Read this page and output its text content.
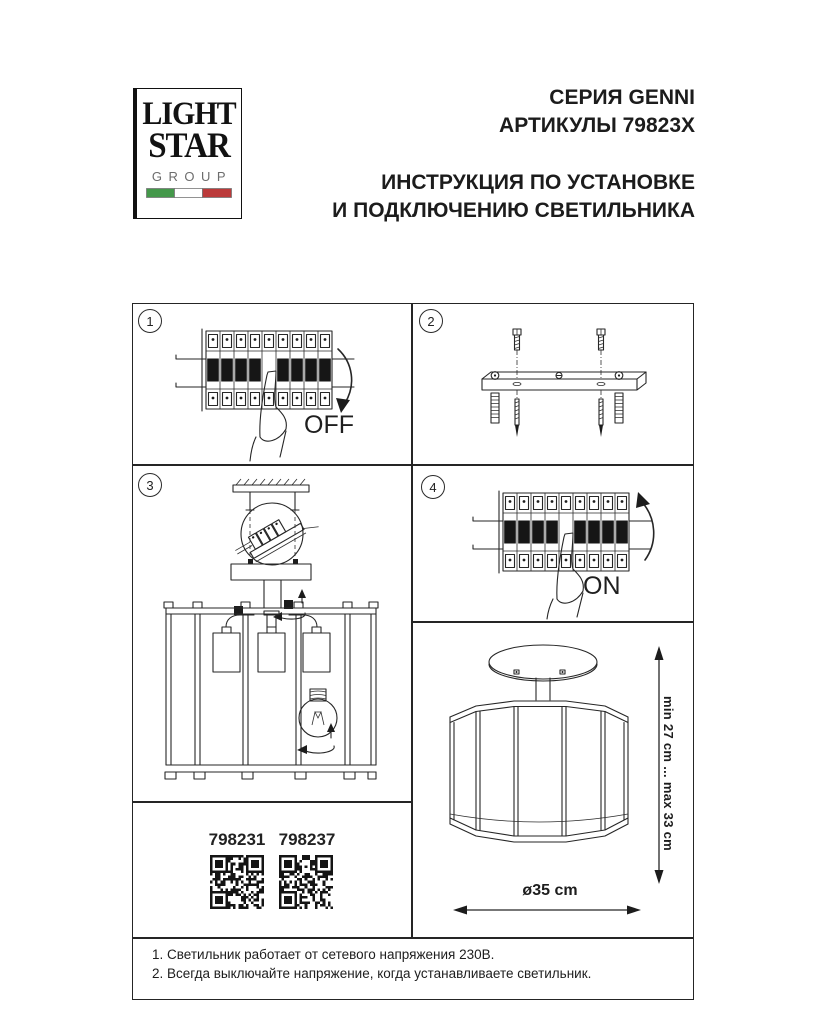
LIGHT
STAR
GROUP
СЕРИЯ GENNI
АРТИКУЛЫ 79823X
ИНСТРУКЦИЯ ПО УСТАНОВКЕ
И ПОДКЛЮЧЕНИЮ СВЕТИЛЬНИКА
1	2
3	4
OFF
ON
798231 798237	min 27 cm ... max 33 cm
ø35 cm
1. Светильник работает от сетевого напряжения 230В.
2. Всегда выключайте напряжение, когда устанавливаете светильник.
